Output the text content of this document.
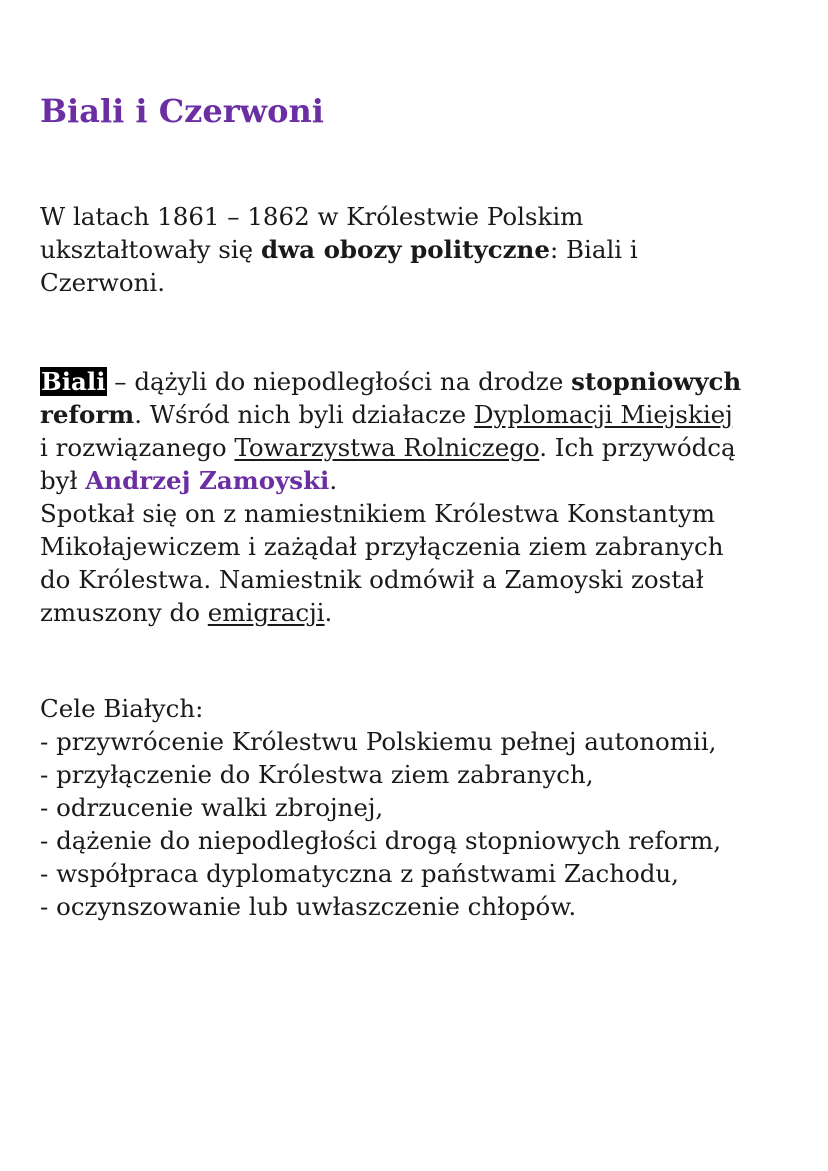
Biali i Czerwoni
W latach 1861 – 1862 w Królestwie Polskim
ukształtowały się dwa obozy polityczne: Biali i
Czerwoni.
Biali – dążyli do niepodległości na drodze stopniowych
reform. Wśród nich byli działacze Dyplomacji Miejskiej
i rozwiązanego Towarzystwa Rolniczego. Ich przywódcą
był Andrzej Zamoyski.
Spotkał się on z namiestnikiem Królestwa Konstantym
Mikołajewiczem i zażądał przyłączenia ziem zabranych
do Królestwa. Namiestnik odmówił a Zamoyski został
zmuszony do emigracji.
Cele Białych:
- przywrócenie Królestwu Polskiemu pełnej autonomii,
- przyłączenie do Królestwa ziem zabranych,
- odrzucenie walki zbrojnej,
- dążenie do niepodległości drogą stopniowych reform,
- współpraca dyplomatyczna z państwami Zachodu,
- oczynszowanie lub uwłaszczenie chłopów.
